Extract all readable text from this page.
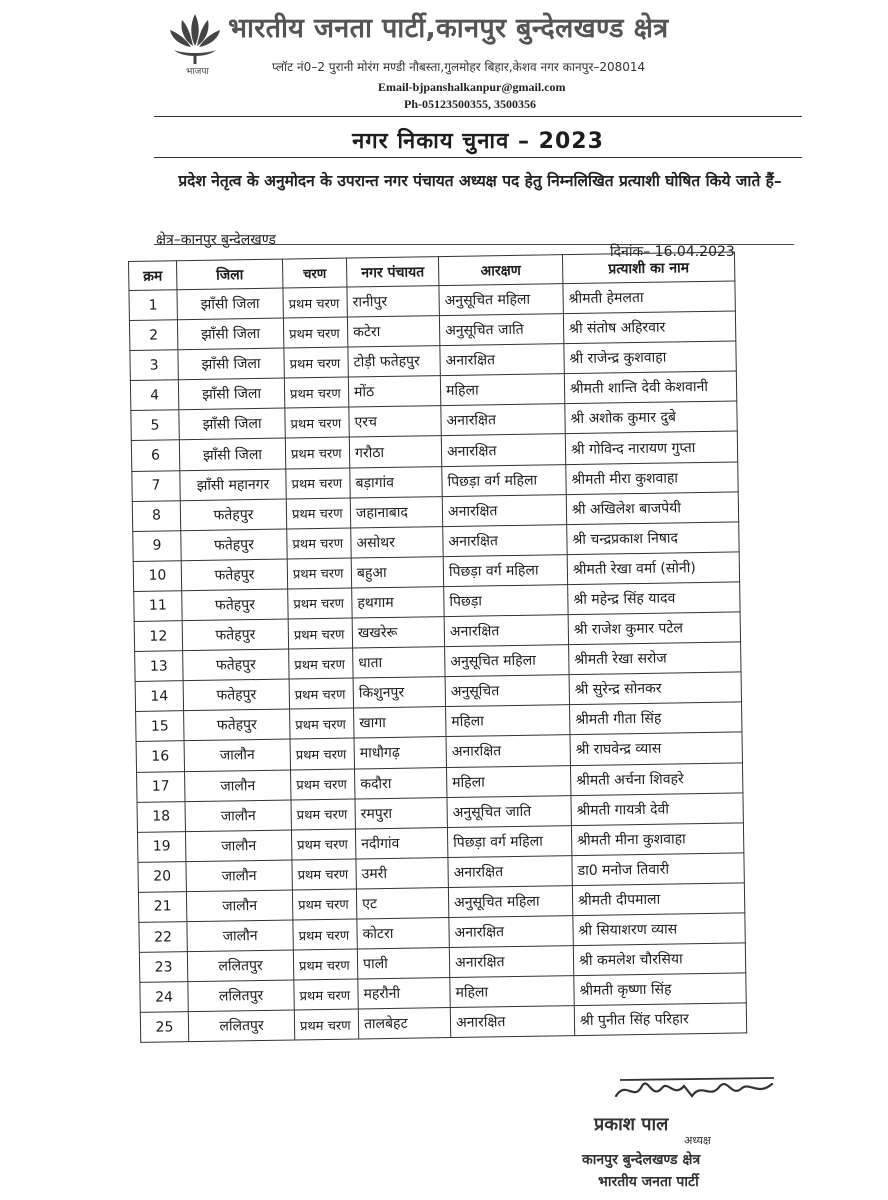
भाजपा
भारतीय जनता पार्टी,कानपुर बुन्देलखण्ड क्षेत्र
प्लॉट नं0–2 पुरानी मोरंग मण्डी नौबस्ता,गुलमोहर बिहार,केशव नगर कानपुर–208014
Email-bjpanshalkanpur@gmail.com
Ph-05123500355, 3500356
नगर निकाय चुनाव – 2023
प्रदेश नेतृत्व के अनुमोदन के उपरान्त नगर पंचायत अध्यक्ष पद हेतु निम्नलिखित प्रत्याशी घोषित किये जाते हैं–
क्षेत्र–कानपुर बुन्देलखण्ड
दिनांक– 16.04.2023
क्रम	जिला	चरण	नगर पंचायत	आरक्षण	प्रत्याशी का नाम
1	झाँसी जिला	प्रथम चरण	रानीपुर	अनुसूचित महिला	श्रीमती हेमलता
2	झाँसी जिला	प्रथम चरण	कटेरा	अनुसूचित जाति	श्री संतोष अहिरवार
3	झाँसी जिला	प्रथम चरण	टोड़ी फतेहपुर	अनारक्षित	श्री राजेन्द्र कुशवाहा
4	झाँसी जिला	प्रथम चरण	मोंठ	महिला	श्रीमती शान्ति देवी केशवानी
5	झाँसी जिला	प्रथम चरण	एरच	अनारक्षित	श्री अशोक कुमार दुबे
6	झाँसी जिला	प्रथम चरण	गरौठा	अनारक्षित	श्री गोविन्द नारायण गुप्ता
7	झाँसी महानगर	प्रथम चरण	बड़ागांव	पिछड़ा वर्ग महिला	श्रीमती मीरा कुशवाहा
8	फतेहपुर	प्रथम चरण	जहानाबाद	अनारक्षित	श्री अखिलेश बाजपेयी
9	फतेहपुर	प्रथम चरण	असोथर	अनारक्षित	श्री चन्द्रप्रकाश निषाद
10	फतेहपुर	प्रथम चरण	बहुआ	पिछड़ा वर्ग महिला	श्रीमती रेखा वर्मा (सोनी)
11	फतेहपुर	प्रथम चरण	हथगाम	पिछड़ा	श्री महेन्द्र सिंह यादव
12	फतेहपुर	प्रथम चरण	खखरेरू	अनारक्षित	श्री राजेश कुमार पटेल
13	फतेहपुर	प्रथम चरण	धाता	अनुसूचित महिला	श्रीमती रेखा सरोज
14	फतेहपुर	प्रथम चरण	किशुनपुर	अनुसूचित	श्री सुरेन्द्र सोनकर
15	फतेहपुर	प्रथम चरण	खागा	महिला	श्रीमती गीता सिंह
16	जालौन	प्रथम चरण	माधौगढ़	अनारक्षित	श्री राघवेन्द्र व्यास
17	जालौन	प्रथम चरण	कदौरा	महिला	श्रीमती अर्चना शिवहरे
18	जालौन	प्रथम चरण	रमपुरा	अनुसूचित जाति	श्रीमती गायत्री देवी
19	जालौन	प्रथम चरण	नदीगांव	पिछड़ा वर्ग महिला	श्रीमती मीना कुशवाहा
20	जालौन	प्रथम चरण	उमरी	अनारक्षित	डा0 मनोज तिवारी
21	जालौन	प्रथम चरण	एट	अनुसूचित महिला	श्रीमती दीपमाला
22	जालौन	प्रथम चरण	कोटरा	अनारक्षित	श्री सियाशरण व्यास
23	ललितपुर	प्रथम चरण	पाली	अनारक्षित	श्री कमलेश चौरसिया
24	ललितपुर	प्रथम चरण	महरौनी	महिला	श्रीमती कृष्णा सिंह
25	ललितपुर	प्रथम चरण	तालबेहट	अनारक्षित	श्री पुनीत सिंह परिहार
प्रकाश पाल
अध्यक्ष
कानपुर बुन्देलखण्ड क्षेत्र
भारतीय जनता पार्टी
